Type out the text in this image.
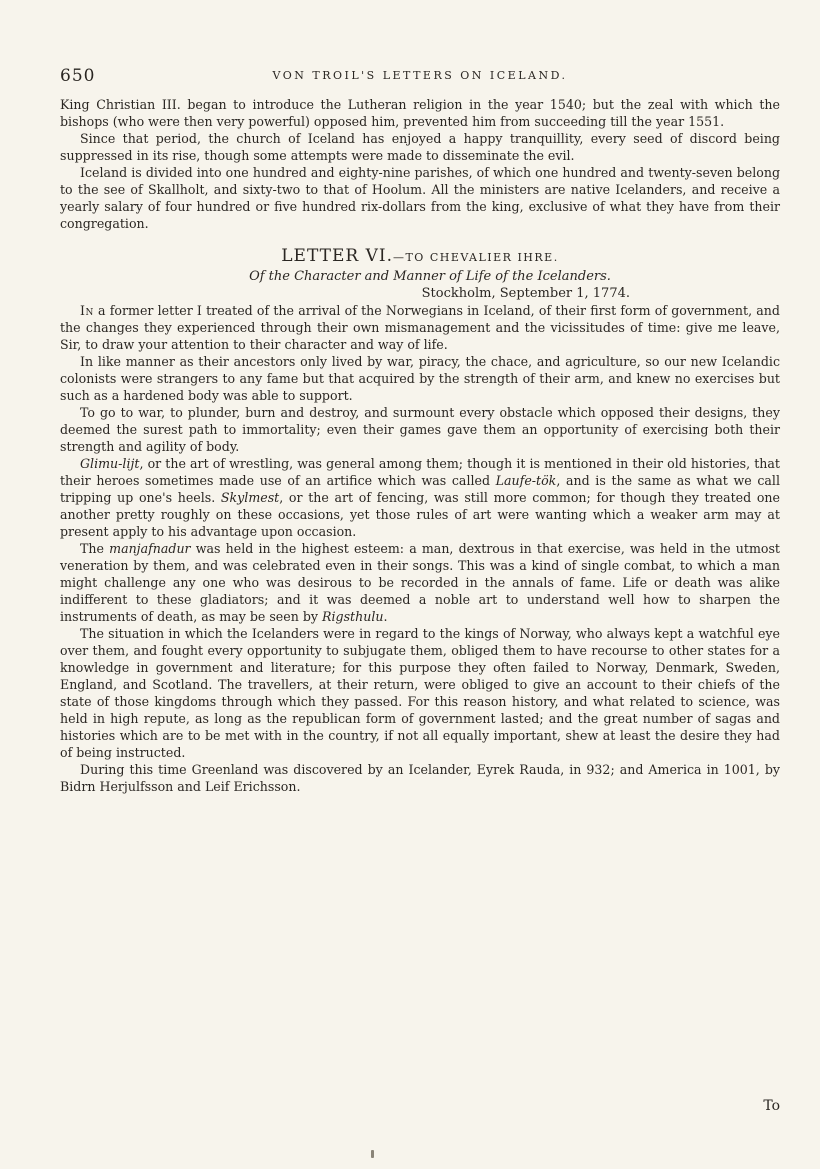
650	VON TROIL'S LETTERS ON ICELAND.

King Christian III. began to introduce the Lutheran religion in the year 1540; but the zeal with which the bishops (who were then very powerful) opposed him, prevented him from succeeding till the year 1551.

Since that period, the church of Iceland has enjoyed a happy tranquillity, every seed of discord being suppressed in its rise, though some attempts were made to disseminate the evil.

Iceland is divided into one hundred and eighty-nine parishes, of which one hundred and twenty-seven belong to the see of Skallholt, and sixty-two to that of Hoolum. All the ministers are native Icelanders, and receive a yearly salary of four hundred or five hundred rix-dollars from the king, exclusive of what they have from their congregation.

LETTER VI.—TO CHEVALIER IHRE.

Of the Character and Manner of Life of the Icelanders.

Stockholm, September 1, 1774.

In a former letter I treated of the arrival of the Norwegians in Iceland, of their first form of government, and the changes they experienced through their own mismanagement and the vicissitudes of time: give me leave, Sir, to draw your attention to their character and way of life.

In like manner as their ancestors only lived by war, piracy, the chace, and agriculture, so our new Icelandic colonists were strangers to any fame but that acquired by the strength of their arm, and knew no exercises but such as a hardened body was able to support.

To go to war, to plunder, burn and destroy, and surmount every obstacle which opposed their designs, they deemed the surest path to immortality; even their games gave them an opportunity of exercising both their strength and agility of body.

Glimu-lijt, or the art of wrestling, was general among them; though it is mentioned in their old histories, that their heroes sometimes made use of an artifice which was called Laufe-tök, and is the same as what we call tripping up one's heels. Skylmest, or the art of fencing, was still more common; for though they treated one another pretty roughly on these occasions, yet those rules of art were wanting which a weaker arm may at present apply to his advantage upon occasion.

The manjafnadur was held in the highest esteem: a man, dextrous in that exercise, was held in the utmost veneration by them, and was celebrated even in their songs. This was a kind of single combat, to which a man might challenge any one who was desirous to be recorded in the annals of fame. Life or death was alike indifferent to these gladiators; and it was deemed a noble art to understand well how to sharpen the instruments of death, as may be seen by Rigsthulu.

The situation in which the Icelanders were in regard to the kings of Norway, who always kept a watchful eye over them, and fought every opportunity to subjugate them, obliged them to have recourse to other states for a knowledge in government and literature; for this purpose they often failed to Norway, Denmark, Sweden, England, and Scotland. The travellers, at their return, were obliged to give an account to their chiefs of the state of those kingdoms through which they passed. For this reason history, and what related to science, was held in high repute, as long as the republican form of government lasted; and the great number of sagas and histories which are to be met with in the country, if not all equally important, shew at least the desire they had of being instructed.

During this time Greenland was discovered by an Icelander, Eyrek Rauda, in 932; and America in 1001, by Bidrn Herjulfsson and Leif Erichsson.

To
